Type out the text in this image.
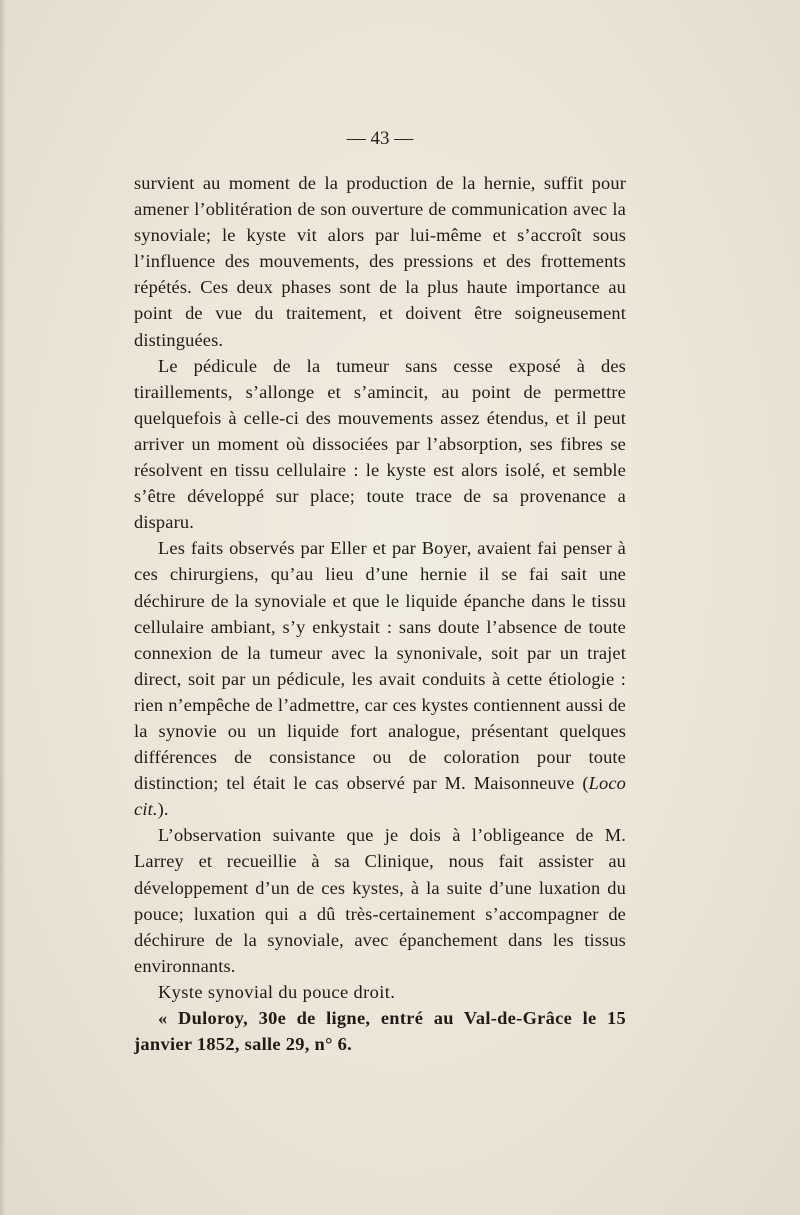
— 43 —

survient au moment de la production de la hernie, suffit pour amener l’oblitération de son ouverture de communication avec la synoviale; le kyste vit alors par lui-même et s’accroît sous l’influence des mouvements, des pressions et des frottements répétés. Ces deux phases sont de la plus haute importance au point de vue du traitement, et doivent être soigneusement distinguées.

Le pédicule de la tumeur sans cesse exposé à des tiraillements, s’allonge et s’amincit, au point de permettre quelquefois à celle-ci des mouvements assez étendus, et il peut arriver un moment où dissociées par l’absorption, ses fibres se résolvent en tissu cellulaire : le kyste est alors isolé, et semble s’être développé sur place; toute trace de sa provenance a disparu.

Les faits observés par Eller et par Boyer, avaient fai penser à ces chirurgiens, qu’au lieu d’une hernie il se fai sait une déchirure de la synoviale et que le liquide épanche dans le tissu cellulaire ambiant, s’y enkystait : sans doute l’absence de toute connexion de la tumeur avec la synonivale, soit par un trajet direct, soit par un pédicule, les avait conduits à cette étiologie : rien n’empêche de l’admettre, car ces kystes contiennent aussi de la synovie ou un liquide fort analogue, présentant quelques différences de consistance ou de coloration pour toute distinction; tel était le cas observé par M. Maisonneuve (Loco cit.).

L’observation suivante que je dois à l’obligeance de M. Larrey et recueillie à sa Clinique, nous fait assister au développement d’un de ces kystes, à la suite d’une luxation du pouce; luxation qui a dû très-certainement s’accompagner de déchirure de la synoviale, avec épanchement dans les tissus environnants.

Kyste synovial du pouce droit.

« Duloroy, 30e de ligne, entré au Val-de-Grâce le 15 janvier 1852, salle 29, n° 6.
